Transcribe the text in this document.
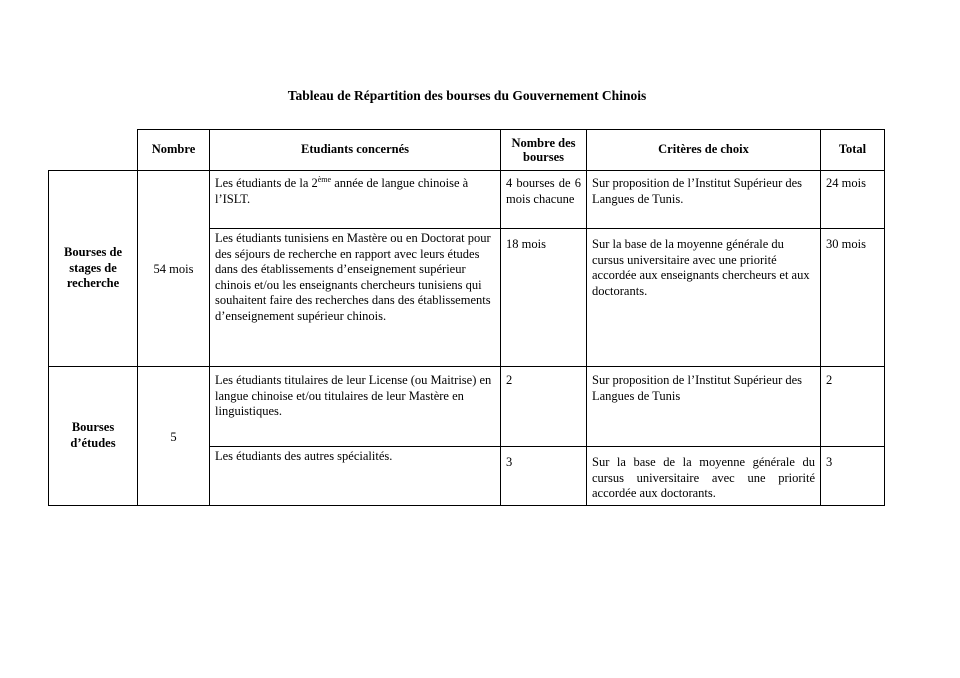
Tableau de Répartition des bourses du Gouvernement Chinois
	Nombre	Etudiants concernés	Nombre des bourses	Critères de choix	Total
Bourses de stages de recherche	54 mois	Les étudiants de la 2ème année de langue chinoise à l’ISLT.	4 bourses de 6 mois chacune	Sur proposition de l’Institut Supérieur des Langues de Tunis.	24 mois
		Les étudiants tunisiens en Mastère ou en Doctorat pour des séjours de recherche en rapport avec leurs études dans des établissements d’enseignement supérieur chinois et/ou les enseignants chercheurs tunisiens qui souhaitent faire des recherches dans des établissements d’enseignement supérieur chinois.	18 mois	Sur la base de la moyenne générale du cursus universitaire avec une priorité accordée aux enseignants chercheurs et aux doctorants.	30 mois
Bourses d’études	5	Les étudiants titulaires de leur License (ou Maitrise) en langue chinoise et/ou titulaires de leur Mastère en linguistiques.	2	Sur proposition de l’Institut Supérieur des Langues de Tunis	2
		Les étudiants des autres spécialités.	3	Sur la base de la moyenne générale du cursus universitaire avec une priorité accordée aux doctorants.	3
